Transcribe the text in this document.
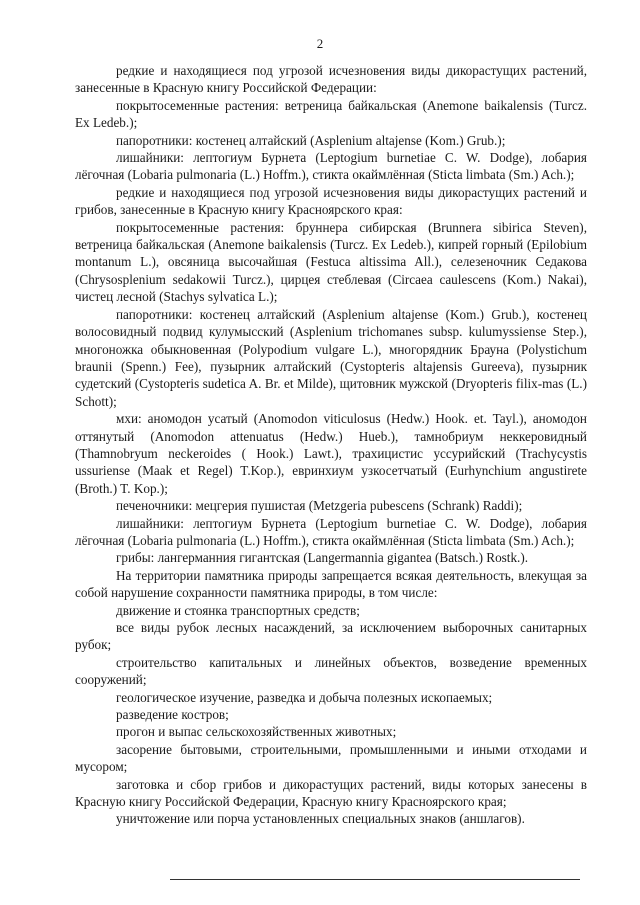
2

редкие и находящиеся под угрозой исчезновения виды дикорастущих растений, занесенные в Красную книгу Российской Федерации:

покрытосеменные растения: ветреница байкальская (Anemone baikalensis (Turcz. Ex Ledeb.);

папоротники: костенец алтайский (Asplenium altajense (Kom.) Grub.);

лишайники: лептогиум Бурнета (Leptogium burnetiae C. W. Dodge), лобария лёгочная (Lobaria pulmonaria (L.) Hoffm.), стикта окаймлённая (Sticta limbata (Sm.) Ach.);

редкие и находящиеся под угрозой исчезновения виды дикорастущих растений и грибов, занесенные в Красную книгу Красноярского края:

покрытосеменные растения: бруннера сибирская (Brunnera sibirica Steven), ветреница байкальская (Anemone baikalensis (Turcz. Ex Ledeb.), кипрей горный (Epilobium montanum L.), овсяница высочайшая (Festuca altissima All.), селезеночник Седакова (Chrysosplenium sedakowii Turcz.), цирцея стеблевая (Circaea caulescens (Kom.) Nakai), чистец лесной (Stachys sylvatica L.);

папоротники: костенец алтайский (Asplenium altajense (Kom.) Grub.), костенец волосовидный подвид кулумысский (Asplenium trichomanes subsp. kulumyssiense Step.), многоножка обыкновенная (Polypodium vulgare L.), многорядник Брауна (Polystichum braunii (Spenn.) Fee), пузырник алтайский (Cystopteris altajensis Gureeva), пузырник судетский (Cystopteris sudetica A. Br. et Milde), щитовник мужской (Dryopteris filix-mas (L.) Schott);

мхи: аномодон усатый (Anomodon viticulosus (Hedw.) Hook. et. Tayl.), аномодон оттянутый (Anomodon attenuatus (Hedw.) Hueb.), тамнобриум неккеровидный (Thamnobryum neckeroides ( Hook.) Lawt.), трахицистис уссурийский (Trachycystis ussuriense (Maak et Regel) T.Kop.), евринхиум узкосетчатый (Eurhynchium angustirete (Broth.) T. Kop.);

печеночники: мецгерия пушистая (Metzgeria pubescens (Schrank) Raddi);

лишайники: лептогиум Бурнета (Leptogium burnetiae C. W. Dodge), лобария лёгочная (Lobaria pulmonaria (L.) Hoffm.), стикта окаймлённая (Sticta limbata (Sm.) Ach.);

грибы: лангерманния гигантская (Langermannia gigantea (Batsch.) Rostk.).

На территории памятника природы запрещается всякая деятельность, влекущая за собой нарушение сохранности памятника природы, в том числе:

движение и стоянка транспортных средств;

все виды рубок лесных насаждений, за исключением выборочных санитарных рубок;

строительство капитальных и линейных объектов, возведение временных сооружений;

геологическое изучение, разведка и добыча полезных ископаемых;

разведение костров;

прогон и выпас сельскохозяйственных животных;

засорение бытовыми, строительными, промышленными и иными отходами и мусором;

заготовка и сбор грибов и дикорастущих растений, виды которых занесены в Красную книгу Российской Федерации, Красную книгу Красноярского края;

уничтожение или порча установленных специальных знаков (аншлагов).
